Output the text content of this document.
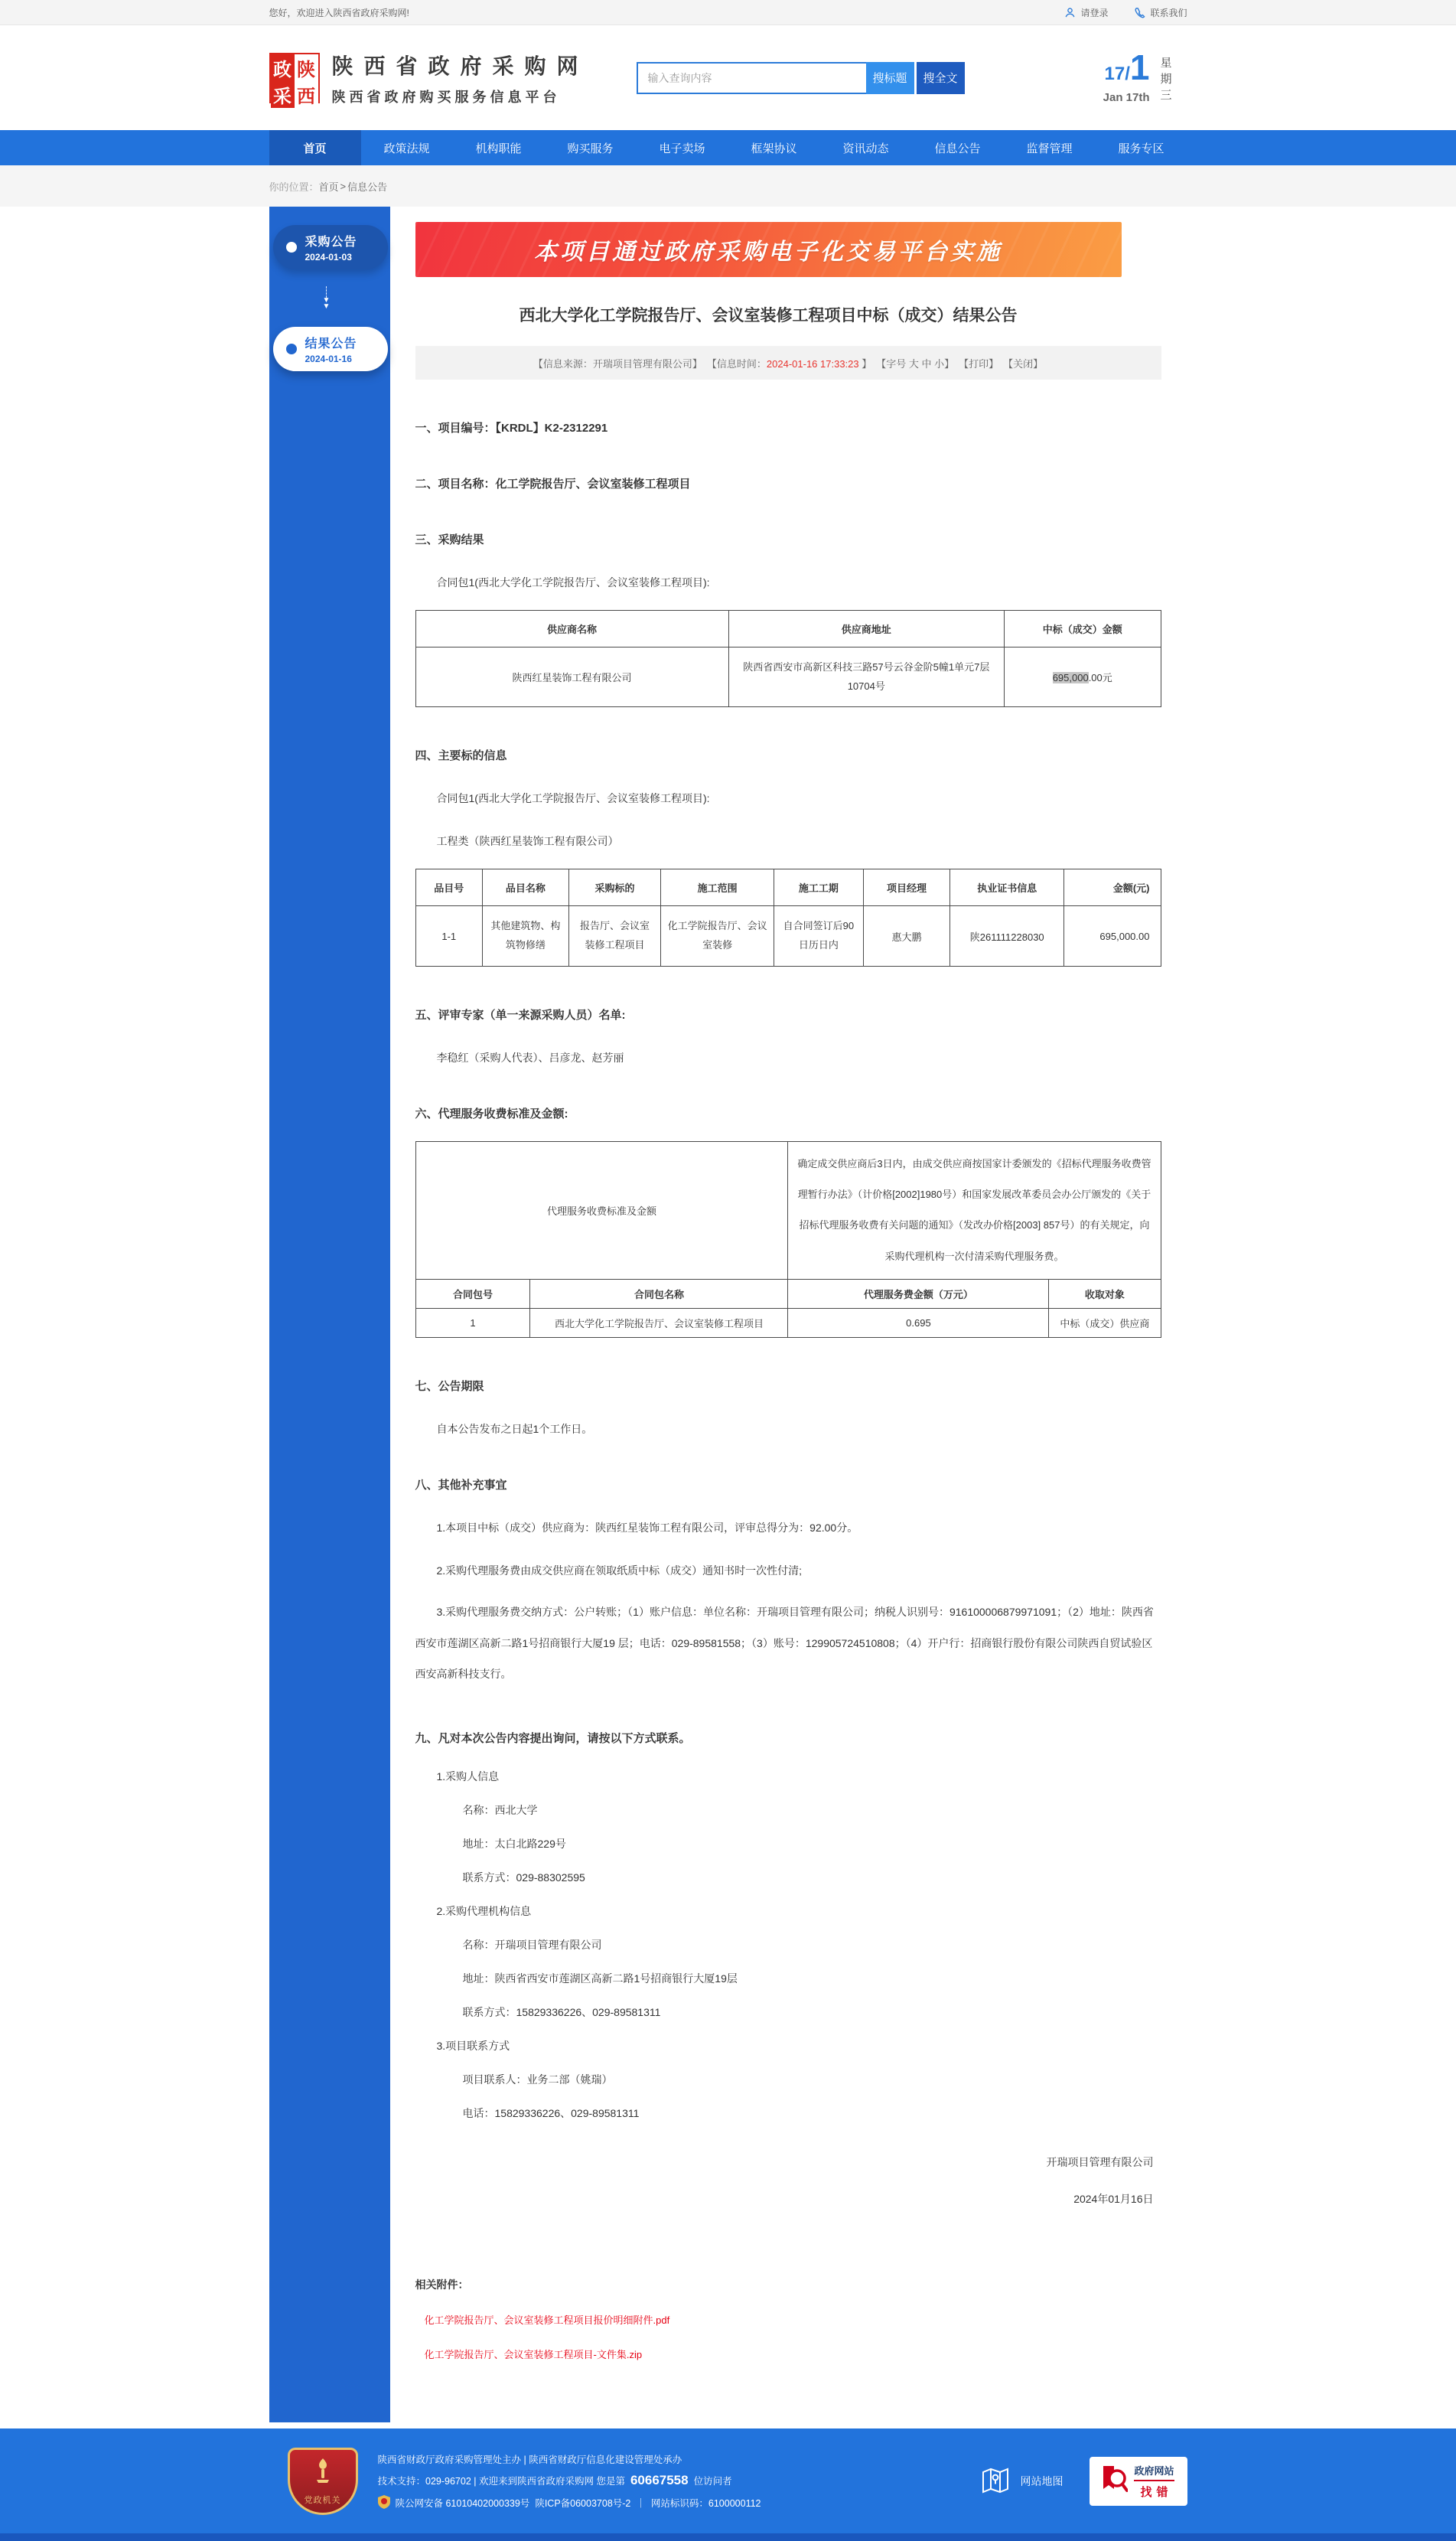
您好，欢迎进入陕西省政府采购网!	请登录	联系我们
政 陕
采 西
陕西省政府采购网
陕西省政府购买服务信息平台
输入查询内容
搜标题	搜全文	17/1
Jan 17th
星期三
首页	政策法规	机构职能	购买服务	电子卖场	框架协议	资讯动态	信息公告	监督管理	服务专区
你的位置： 首页 > 信息公告
采购公告
2024-01-03
▼
▼
结果公告
2024-01-16
本项目通过政府采购电子化交易平台实施
西北大学化工学院报告厅、会议室装修工程项目中标（成交）结果公告
【信息来源：开瑞项目管理有限公司】 【信息时间：2024-01-16 17:33:23 】 【字号 大 中 小】 【打印】 【关闭】
一、项目编号：【KRDL】K2-2312291
二、项目名称：化工学院报告厅、会议室装修工程项目
三、采购结果
合同包1(西北大学化工学院报告厅、会议室装修工程项目):
供应商名称	供应商地址	中标（成交）金额
陕西红星装饰工程有限公司	陕西省西安市高新区科技三路57号云谷金阶5幢1单元7层10704号	695,000.00元
四、主要标的信息
合同包1(西北大学化工学院报告厅、会议室装修工程项目):
工程类（陕西红星装饰工程有限公司）
品目号	品目名称	采购标的	施工范围	施工工期	项目经理	执业证书信息	金额(元)
1-1	其他建筑物、构筑物修缮	报告厅、会议室装修工程项目	化工学院报告厅、会议室装修	自合同签订后90日历日内	惠大鹏	陕261111228030	695,000.00
五、评审专家（单一来源采购人员）名单:
李稳红（采购人代表）、吕彦龙、赵芳丽
六、代理服务收费标准及金额:
代理服务收费标准及金额		确定成交供应商后3日内，由成交供应商按国家计委颁发的《招标代理服务收费管理暂行办法》（计价格[2002]1980号）和国家发展改革委员会办公厅颁发的《关于招标代理服务收费有关问题的通知》（发改办价格[2003] 857号）的有关规定，向采购代理机构一次付清采购代理服务费。	
合同包号	合同包名称	代理服务费金额（万元）	收取对象
1	西北大学化工学院报告厅、会议室装修工程项目	0.695	中标（成交）供应商
七、公告期限
自本公告发布之日起1个工作日。
八、其他补充事宜
1.本项目中标（成交）供应商为：陕西红星装饰工程有限公司，评审总得分为：92.00分。
2.采购代理服务费由成交供应商在领取纸质中标（成交）通知书时一次性付清;
3.采购代理服务费交纳方式：公户转账；（1）账户信息：单位名称：开瑞项目管理有限公司；纳税人识别号：916100006879971091；（2）地址：陕西省西安市莲湖区高新二路1号招商银行大厦19 层；电话：029-89581558；（3）账号：129905724510808；（4）开户行：招商银行股份有限公司陕西自贸试验区西安高新科技支行。
九、凡对本次公告内容提出询问，请按以下方式联系。
1.采购人信息
名称：西北大学
地址：太白北路229号
联系方式：029-88302595
2.采购代理机构信息
名称：开瑞项目管理有限公司
地址：陕西省西安市莲湖区高新二路1号招商银行大厦19层
联系方式：15829336226、029-89581311
3.项目联系方式
项目联系人：业务二部（姚瑞）
电话：15829336226、029-89581311
开瑞项目管理有限公司
2024年01月16日
相关附件：
化工学院报告厅、会议室装修工程项目报价明细附件.pdf
化工学院报告厅、会议室装修工程项目-文件集.zip
党政机关
陕西省财政厅政府采购管理处主办 | 陕西省财政厅信息化建设管理处承办
技术支持：029-96702 | 欢迎来到陕西省政府采购网 您是第 60667558 位访问者
陕公网安备 61010402000339号 陕ICP备06003708号-2 ｜ 网站标识码：6100000112
网站地图
政府网站
找错
